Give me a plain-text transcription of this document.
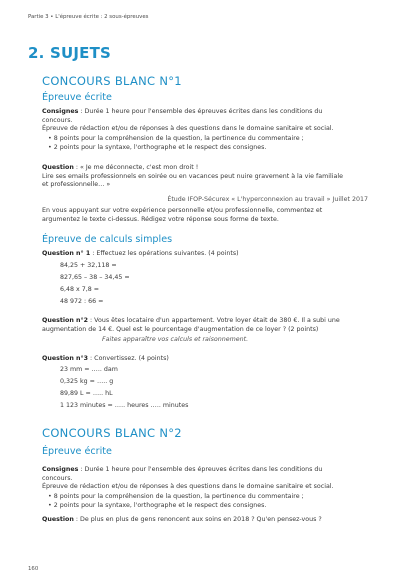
Partie 3 • L'épreuve écrite : 2 sous-épreuves
2. SUJETS
CONCOURS BLANC N°1
Épreuve écrite
Consignes : Durée 1 heure pour l'ensemble des épreuves écrites dans les conditions du
concours.
Épreuve de rédaction et/ou de réponses à des questions dans le domaine sanitaire et social.
• 8 points pour la compréhension de la question, la pertinence du commentaire ;
• 2 points pour la syntaxe, l'orthographe et le respect des consignes.
Question : « Je me déconnecte, c'est mon droit !
Lire ses emails professionnels en soirée ou en vacances peut nuire gravement à la vie familiale
et professionnelle… »
Étude IFOP-Sécurex « L'hyperconnexion au travail » Juillet 2017
En vous appuyant sur votre expérience personnelle et/ou professionnelle, commentez et
argumentez le texte ci-dessus. Rédigez votre réponse sous forme de texte.
Épreuve de calculs simples
Question n° 1 : Effectuez les opérations suivantes. (4 points)
84,25 + 32,118 =
827,65 – 38 – 34,45 =
6,48 x 7,8 =
48 972 : 66 =
Question n°2 : Vous êtes locataire d'un appartement. Votre loyer était de 380 €. Il a subi une
augmentation de 14 €. Quel est le pourcentage d'augmentation de ce loyer ? (2 points)
Faites apparaître vos calculs et raisonnement.
Question n°3 : Convertissez. (4 points)
23 mm = ….. dam
0,325 kg = ….. g
89,89 L = ….. hL
1 123 minutes = ….. heures ….. minutes
CONCOURS BLANC N°2
Épreuve écrite
Consignes : Durée 1 heure pour l'ensemble des épreuves écrites dans les conditions du
concours.
Épreuve de rédaction et/ou de réponses à des questions dans le domaine sanitaire et social.
• 8 points pour la compréhension de la question, la pertinence du commentaire ;
• 2 points pour la syntaxe, l'orthographe et le respect des consignes.
Question : De plus en plus de gens renoncent aux soins en 2018 ? Qu'en pensez-vous ?
160
